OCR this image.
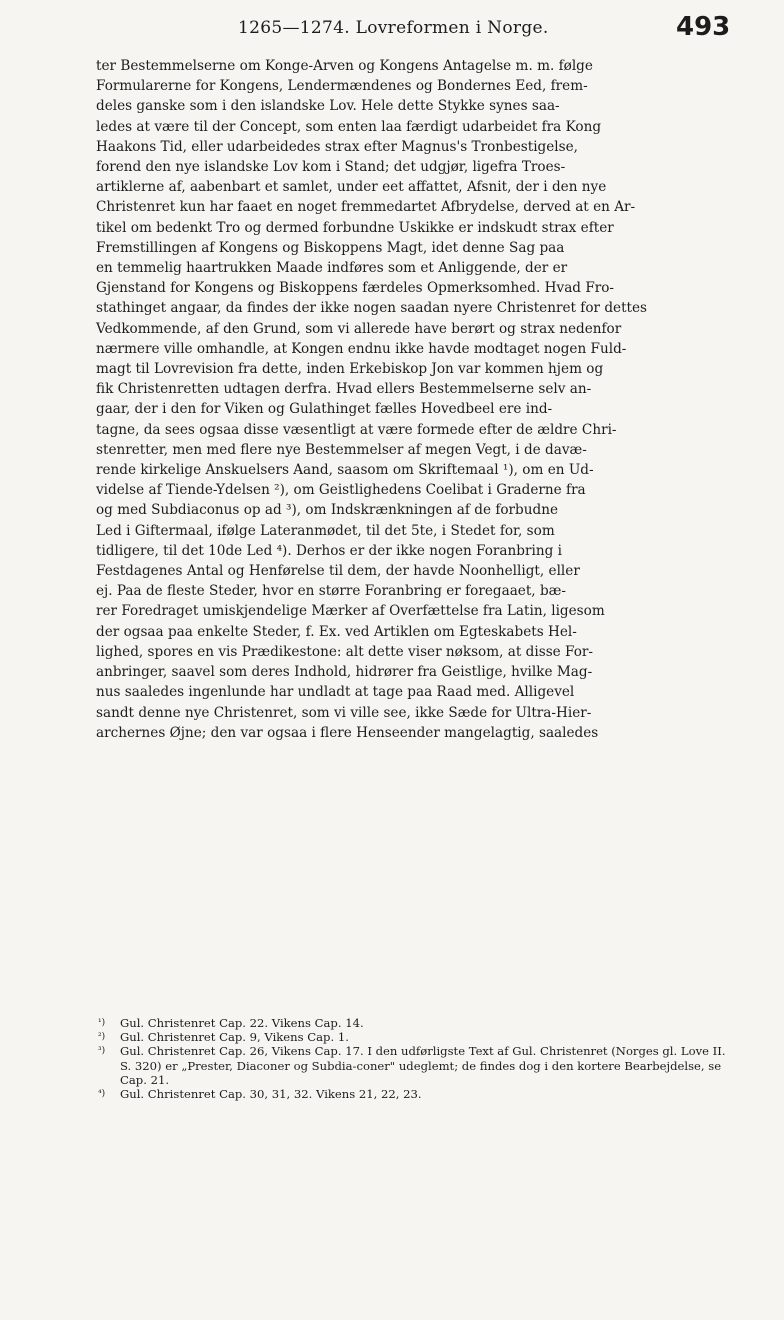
1265—1274. Lovreformen i Norge.	493

ter Bestemmelserne om Konge-Arven og Kongens Antagelse m. m. følge
Formularerne for Kongens, Lendermændenes og Bondernes Eed, frem-
deles ganske som i den islandske Lov. Hele dette Stykke synes saa-
ledes at være til der Concept, som enten laa færdigt udarbeidet fra Kong
Haakons Tid, eller udarbeidedes strax efter Magnus's Tronbestigelse,
forend den nye islandske Lov kom i Stand; det udgjør, ligefra Troes-
artiklerne af, aabenbart et samlet, under eet affattet, Afsnit, der i den nye
Christenret kun har faaet en noget fremmedartet Afbrydelse, derved at en Ar-
tikel om bedenkt Tro og dermed forbundne Uskikke er indskudt strax efter
Fremstillingen af Kongens og Biskoppens Magt, idet denne Sag paa
en temmelig haartrukken Maade indføres som et Anliggende, der er
Gjenstand for Kongens og Biskoppens færdeles Opmerksomhed. Hvad Fro-
stathinget angaar, da findes der ikke nogen saadan nyere Christenret for dettes
Vedkommende, af den Grund, som vi allerede have berørt og strax nedenfor
nærmere ville omhandle, at Kongen endnu ikke havde modtaget nogen Fuld-
magt til Lovrevision fra dette, inden Erkebiskop Jon var kommen hjem og
fik Christenretten udtagen derfra. Hvad ellers Bestemmelserne selv an-
gaar, der i den for Viken og Gulathinget fælles Hovedbeel ere ind-
tagne, da sees ogsaa disse væsentligt at være formede efter de ældre Chri-
stenretter, men med flere nye Bestemmelser af megen Vegt, i de davæ-
rende kirkelige Anskuelsers Aand, saasom om Skriftemaal ¹), om en Ud-
videlse af Tiende-Ydelsen ²), om Geistlighedens Coelibat i Graderne fra
og med Subdiaconus op ad ³), om Indskrænkningen af de forbudne
Led i Giftermaal, ifølge Lateranmødet, til det 5te, i Stedet for, som
tidligere, til det 10de Led ⁴). Derhos er der ikke nogen Foranbring i
Festdagenes Antal og Henførelse til dem, der havde Noonhelligt, eller
ej. Paa de fleste Steder, hvor en større Foranbring er foregaaet, bæ-
rer Foredraget umiskjendelige Mærker af Overfættelse fra Latin, ligesom
der ogsaa paa enkelte Steder, f. Ex. ved Artiklen om Egteskabets Hel-
lighed, spores en vis Prædikestone: alt dette viser nøksom, at disse For-
anbringer, saavel som deres Indhold, hidrører fra Geistlige, hvilke Mag-
nus saaledes ingenlunde har undladt at tage paa Raad med. Alligevel
sandt denne nye Christenret, som vi ville see, ikke Sæde for Ultra-Hier-
archernes Øjne; den var ogsaa i flere Henseender mangelagtig, saaledes

¹)	Gul. Christenret Cap. 22. Vikens Cap. 14.
²)	Gul. Christenret Cap. 9, Vikens Cap. 1.
³)	Gul. Christenret Cap. 26, Vikens Cap. 17. I den udførligste Text af Gul. Christenret (Norges gl. Love II. S. 320) er „Prester, Diaconer og Subdia-coner" udeglemt; de findes dog i den kortere Bearbejdelse, se Cap. 21.
⁴)	Gul. Christenret Cap. 30, 31, 32. Vikens 21, 22, 23.
